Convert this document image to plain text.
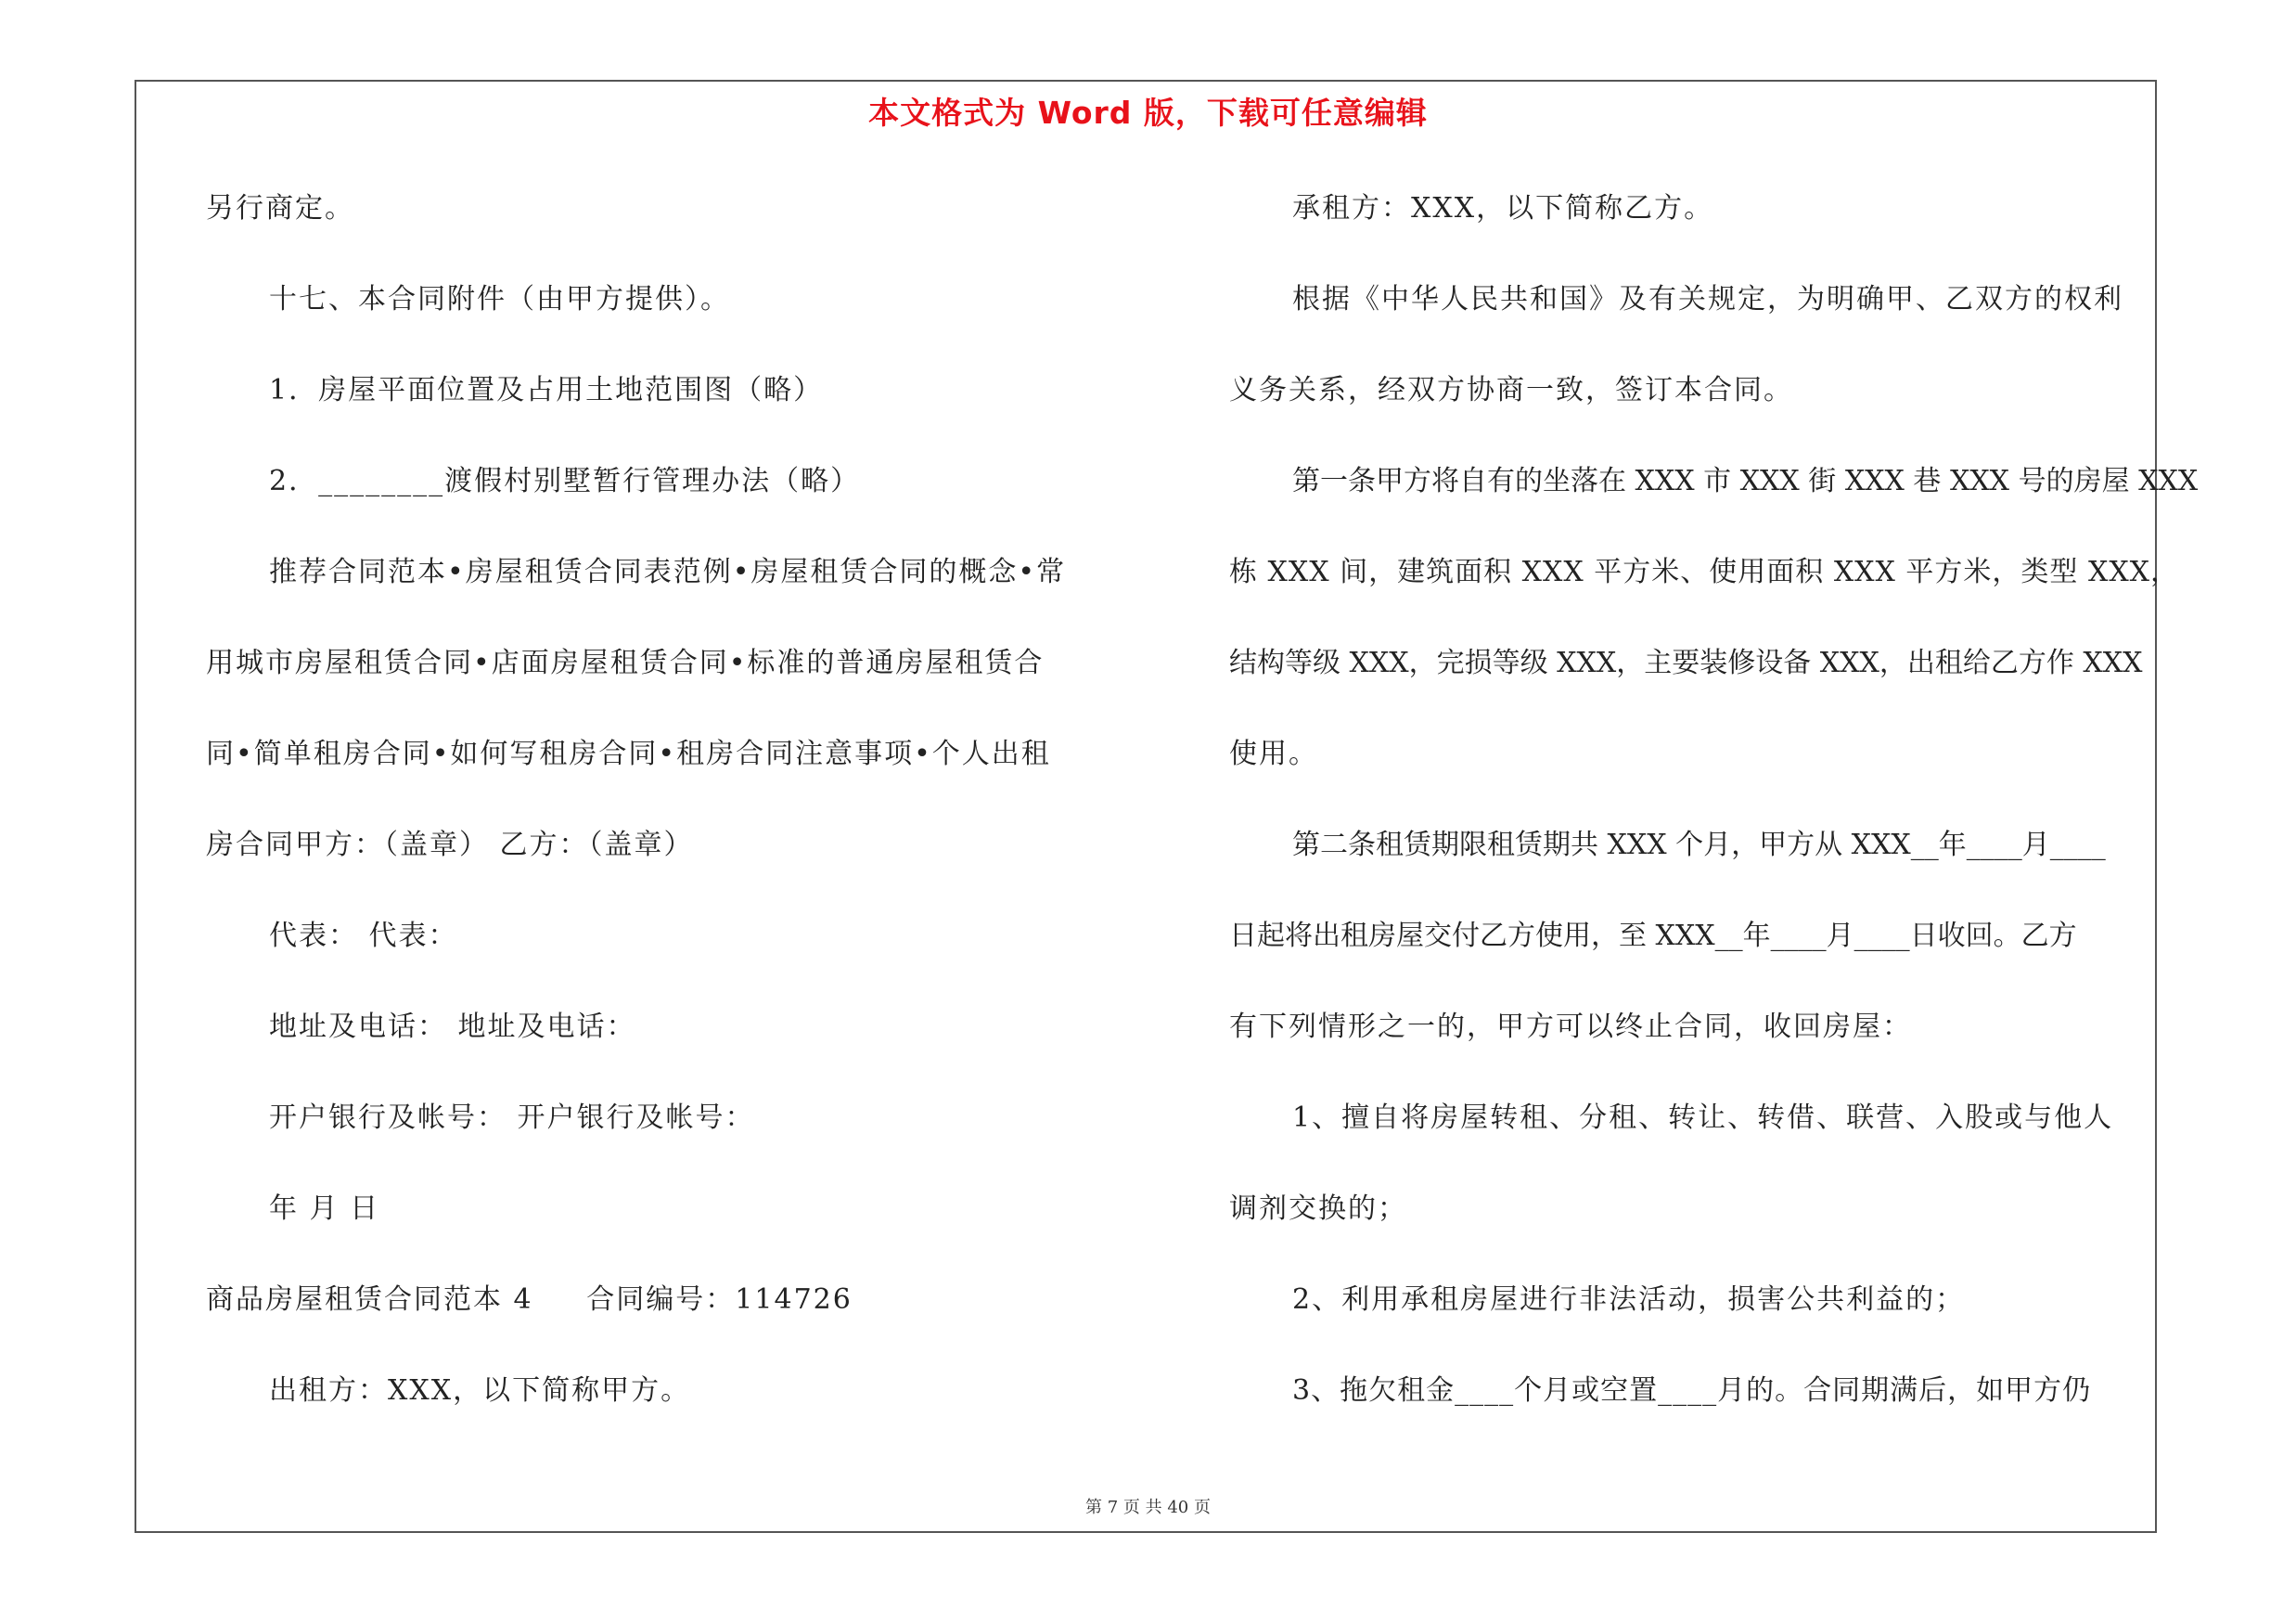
本文格式为 Word 版，下载可任意编辑
另行商定。
十七、本合同附件（由甲方提供）。
1．房屋平面位置及占用土地范围图（略）
2．________渡假村别墅暂行管理办法（略）
推荐合同范本•房屋租赁合同表范例•房屋租赁合同的概念•常
用城市房屋租赁合同•店面房屋租赁合同•标准的普通房屋租赁合
同•简单租房合同•如何写租房合同•租房合同注意事项•个人出租
房合同甲方：（盖章） 乙方：（盖章）
代表： 代表：
地址及电话： 地址及电话：
开户银行及帐号： 开户银行及帐号：
年 月 日
商品房屋租赁合同范本 4     合同编号：114726
出租方：XXX，以下简称甲方。
承租方：XXX，以下简称乙方。
根据《中华人民共和国》及有关规定，为明确甲、乙双方的权利
义务关系，经双方协商一致，签订本合同。
第一条甲方将自有的坐落在 XXX 市 XXX 街 XXX 巷 XXX 号的房屋 XXX
栋 XXX 间，建筑面积 XXX 平方米、使用面积 XXX 平方米，类型 XXX，
结构等级 XXX，完损等级 XXX，主要装修设备 XXX，出租给乙方作 XXX
使用。
第二条租赁期限租赁期共 XXX 个月，甲方从 XXX__年____月____
日起将出租房屋交付乙方使用，至 XXX__年____月____日收回。乙方
有下列情形之一的，甲方可以终止合同，收回房屋：
1、擅自将房屋转租、分租、转让、转借、联营、入股或与他人
调剂交换的；
2、利用承租房屋进行非法活动，损害公共利益的；
3、拖欠租金____个月或空置____月的。合同期满后，如甲方仍
第 7 页 共 40 页
